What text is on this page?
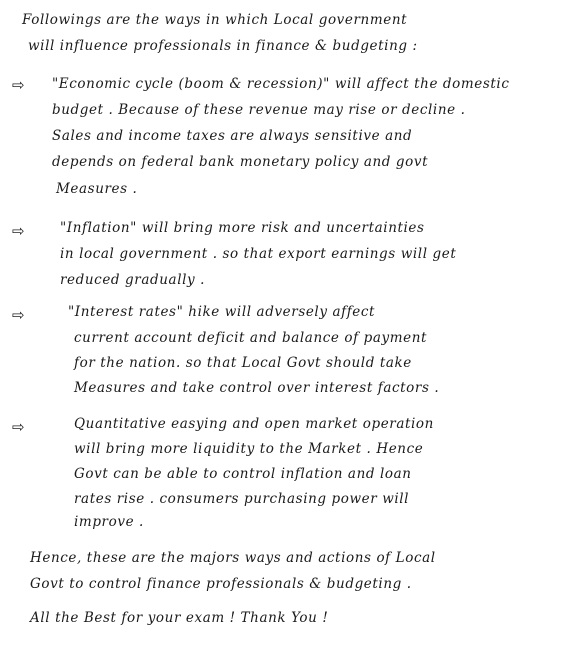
Followings are the ways in which Local government
will influence professionals in finance & budgeting :
⇨ "Economic cycle (boom & recession)" will affect the domestic
budget . Because of these revenue may rise or decline .
Sales and income taxes are always sensitive and
depends on federal bank monetary policy and govt
Measures .
⇨	"Inflation" will bring more risk and uncertainties
in local government . so that export earnings will get
reduced gradually .
⇨	"Interest rates" hike will adversely affect
current account deficit and balance of payment
for the nation. so that Local Govt should take
Measures and take control over interest factors .
⇨	Quantitative easying and open market operation
will bring more liquidity to the Market . Hence
Govt can be able to control inflation and loan
rates rise . consumers purchasing power will
improve .
Hence, these are the majors ways and actions of Local
Govt to control finance professionals & budgeting .
All the Best for your exam ! Thank You !
